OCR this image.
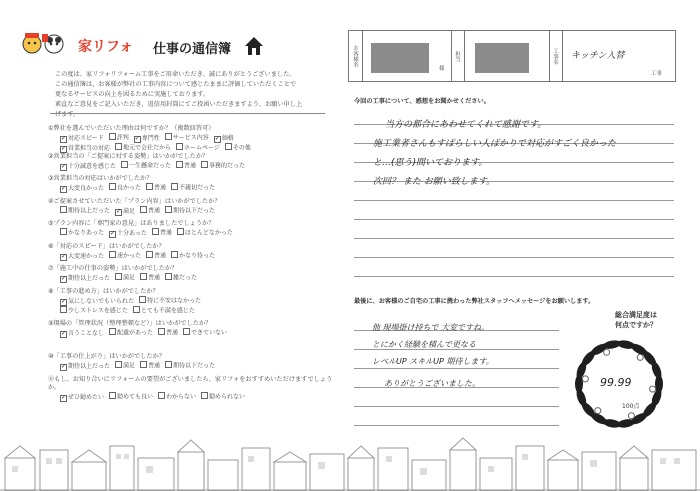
家リフォ 仕事の通信簿
この度は、家リフォリフォーム工事をご用命いただき、誠にありがとうございました。
この通信簿は、お客様が弊社の工事内容について感じたままに評価していただくことで
更なるサービスの向上を図るために実施しております。
素直なご意見をご記入いただき、返信用封筒にてご投函いただきますよう、お願い申し上
げます。
①弊社を選んでいただいた理由は何ですか？（複数回答可）
✓ 対応スピード 評判 ✓ 専門性 サービス内容 ✓ 価格
✓ 営業担当の対応 地元で会社だから ホームページ その他
②営業担当の「ご提案に対する姿勢」はいかがでしたか？
✓ 十分誠意を感じた 一生懸命だった 普通 事務的だった
③営業担当の対応はいかがでしたか？
✓ 大変良かった 良かった 普通 不親切だった
④ご提案させていただいた「プラン内容」はいかがでしたか？
期待以上だった ✓ 満足 普通 期待以下だった
⑤プラン内容に「専門家の意見」はありましたでしょうか？
かなりあった ✓ 十分あった 普通 ほとんどなかった
⑥「対応のスピード」はいかがでしたか？
✓ 大変速かった 速かった 普通 かなり待った
⑦「施工中の仕事の姿勢」はいかがでしたか？
✓ 期待以上だった 満足 普通 雑だった
⑧「工事の進め方」はいかがでしたか？
✓ 気にしないでもいられた 特に不安はなかった
少しストレスを感じた とても不満を感じた
⑨現場の「管理状況（整理整頓など）」はいかがでしたか？
✓ 言うことなし 配慮があった 普通 できていない
⑩「工事の仕上がり」はいかがでしたか？
✓ 期待以上だった 満足 普通 期待以下だった
⑪もし、お知り合いにリフォームの要望がございましたら、家リフォをおすすめいただけますでしょうか。
✓ ぜひ勧めたい 勧めても良い わからない 勧められない
お客様名
様
担当	工事名	キッチン入替
工事
今回の工事について、感想をお聞かせください。
当方の都合にあわせてくれて感謝です。
施工業者さんもすばらしい人ばかりで対応がすごく良かった
と…(思う)間いております。
次回？ また お願い致します。
最後に、お客様のご自宅の工事に携わった弊社スタッフへメッセージをお願いします。
他 現場掛け持ちで 大変ですね。
とにかく経験を積んで更なる
レベルUP スキルUP 期待します。
ありがとうございました。
総合満足度は
何点ですか？
99.99
100点
